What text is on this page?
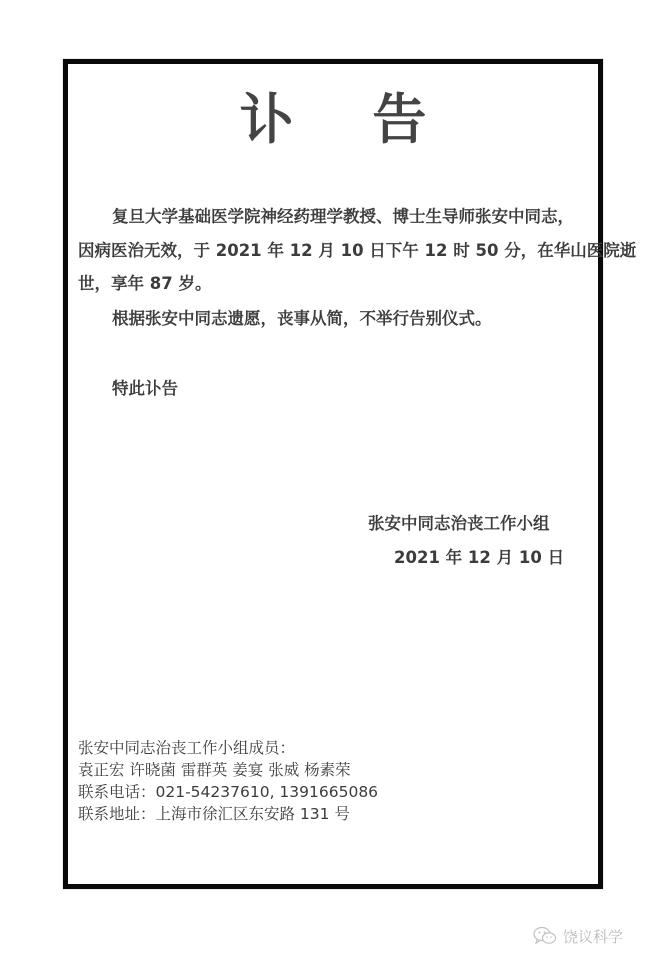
讣 告
复旦大学基础医学院神经药理学教授、博士生导师张安中同志，
因病医治无效，于 2021 年 12 月 10 日下午 12 时 50 分，在华山医院逝
世，享年 87 岁。
根据张安中同志遗愿，丧事从简，不举行告别仪式。
特此讣告
张安中同志治丧工作小组
2021 年 12 月 10 日
张安中同志治丧工作小组成员：
袁正宏 许晓菌 雷群英 姜宴 张威 杨素荣
联系电话：021-54237610, 1391665086
联系地址：上海市徐汇区东安路 131 号
饶议科学
